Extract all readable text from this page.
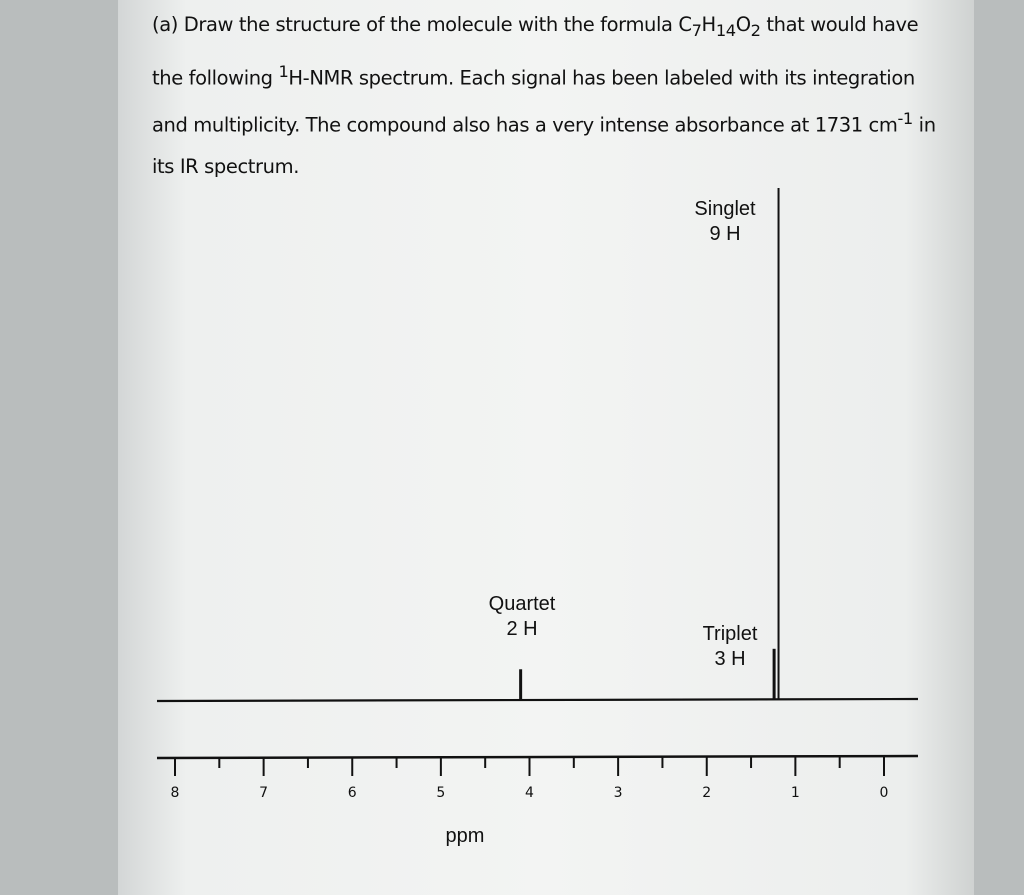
(a) Draw the structure of the molecule with the formula $C_7H_{14}O_2$ that would have the following $^1$H-NMR spectrum. Each signal has been labeled with its integration and multiplicity. The compound also has a very intense absorbance at 1731 $cm^{-1}$ in its IR spectrum.
8	7	6	5	4	3	2	1	0
Quartet
2 H	Triplet
3 H
Singlet
9 H
ppm
